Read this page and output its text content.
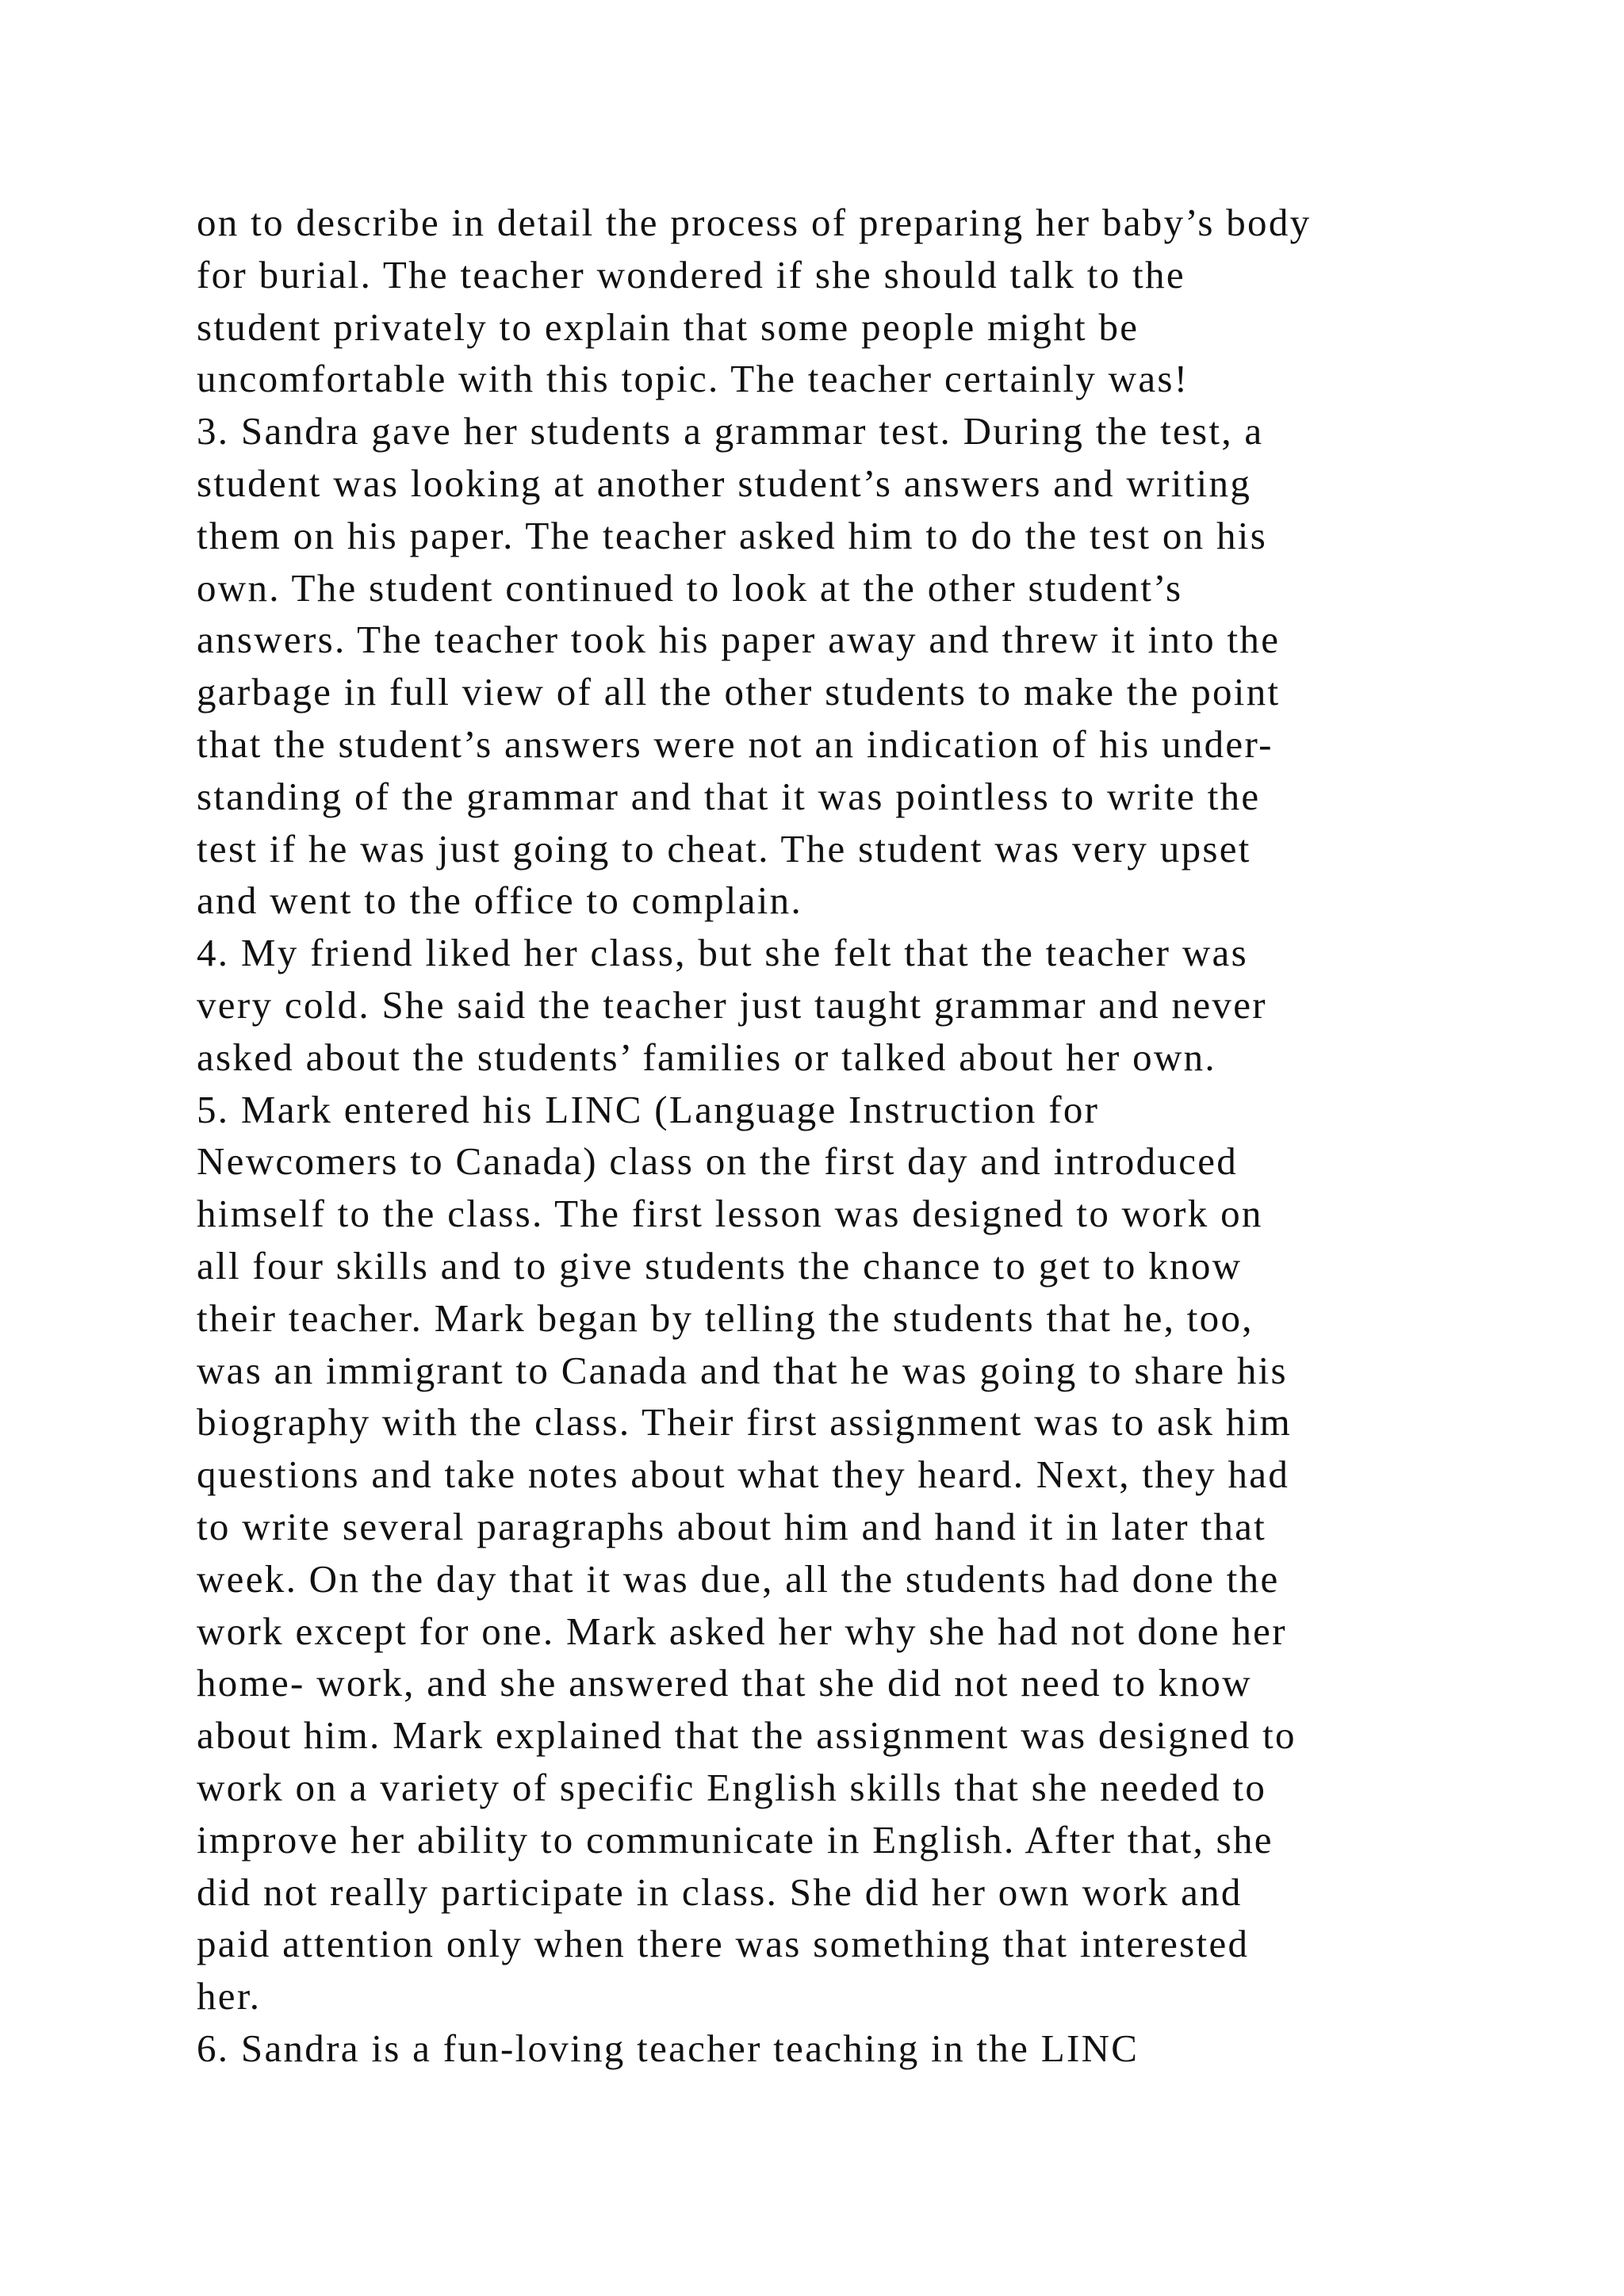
on to describe in detail the process of preparing her baby’s body
for burial. The teacher wondered if she should talk to the
student privately to explain that some people might be
uncomfortable with this topic. The teacher certainly was!
3. Sandra gave her students a grammar test. During the test, a
student was looking at another student’s answers and writing
them on his paper. The teacher asked him to do the test on his
own. The student continued to look at the other student’s
answers. The teacher took his paper away and threw it into the
garbage in full view of all the other students to make the point
that the student’s answers were not an indication of his under-
standing of the grammar and that it was pointless to write the
test if he was just going to cheat. The student was very upset
and went to the office to complain.
4. My friend liked her class, but she felt that the teacher was
very cold. She said the teacher just taught grammar and never
asked about the students’ families or talked about her own.
5. Mark entered his LINC (Language Instruction for
Newcomers to Canada) class on the first day and introduced
himself to the class. The first lesson was designed to work on
all four skills and to give students the chance to get to know
their teacher. Mark began by telling the students that he, too,
was an immigrant to Canada and that he was going to share his
biography with the class. Their first assignment was to ask him
questions and take notes about what they heard. Next, they had
to write several paragraphs about him and hand it in later that
week. On the day that it was due, all the students had done the
work except for one. Mark asked her why she had not done her
home- work, and she answered that she did not need to know
about him. Mark explained that the assignment was designed to
work on a variety of specific English skills that she needed to
improve her ability to communicate in English. After that, she
did not really participate in class. She did her own work and
paid attention only when there was something that interested
her.
6. Sandra is a fun-loving teacher teaching in the LINC
